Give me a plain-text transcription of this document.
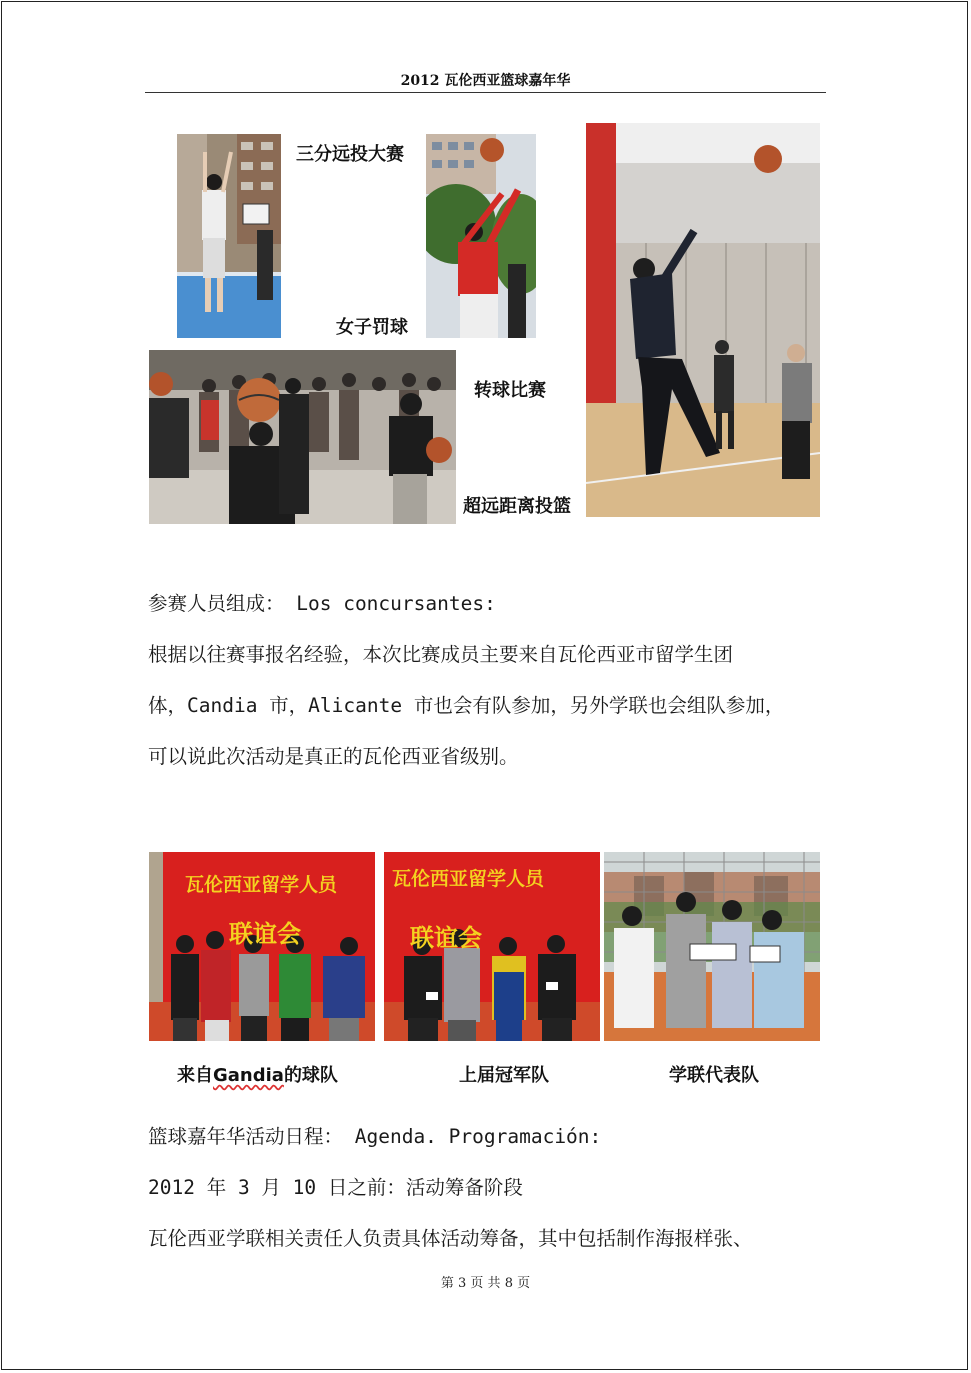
2012 瓦伦西亚篮球嘉年华
三分远投大赛
女子罚球
转球比赛
超远距离投篮
参赛人员组成： Los concursantes:
根据以往赛事报名经验，本次比赛成员主要来自瓦伦西亚市留学生团
体，Candia 市，Alicante 市也会有队参加，另外学联也会组队参加，
可以说此次活动是真正的瓦伦西亚省级别。
瓦伦西亚留学人员
联谊会
瓦伦西亚留学人员
联谊会
来自Gandia的球队	上届冠军队	学联代表队
篮球嘉年华活动日程： Agenda. Programación:
2012 年 3 月 10 日之前：活动筹备阶段
瓦伦西亚学联相关责任人负责具体活动筹备，其中包括制作海报样张、
第 3 页 共 8 页
